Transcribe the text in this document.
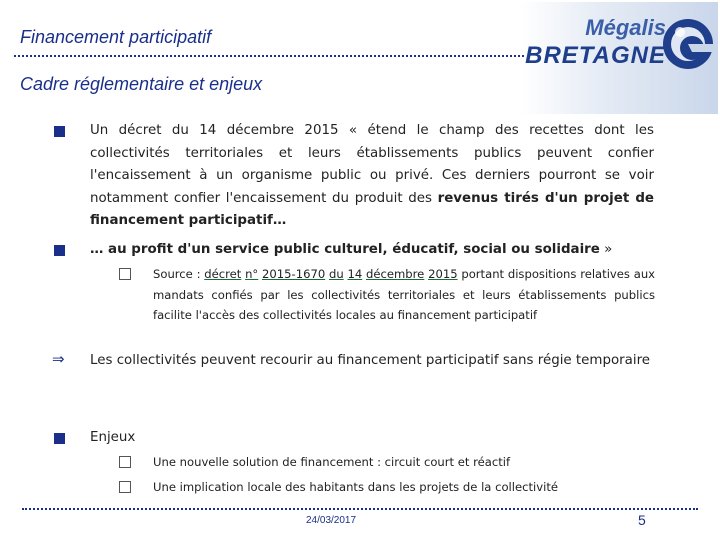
Financement participatif
Cadre réglementaire et enjeux
Mégalis
BRETAGNE
Un décret du 14 décembre 2015 « étend le champ des recettes dont les collectivités territoriales et leurs établissements publics peuvent confier l'encaissement à un organisme public ou privé. Ces derniers pourront se voir notamment confier l'encaissement du produit des revenus tirés d'un projet de financement participatif…
… au profit d'un service public culturel, éducatif, social ou solidaire »
Source : décret n° 2015-1670 du 14 décembre 2015 portant dispositions relatives aux mandats confiés par les collectivités territoriales et leurs établissements publics facilite l'accès des collectivités locales au financement participatif
⇒ Les collectivités peuvent recourir au financement participatif sans régie temporaire
Enjeux
Une nouvelle solution de financement : circuit court et réactif
Une implication locale des habitants dans les projets de la collectivité
24/03/2017	5
